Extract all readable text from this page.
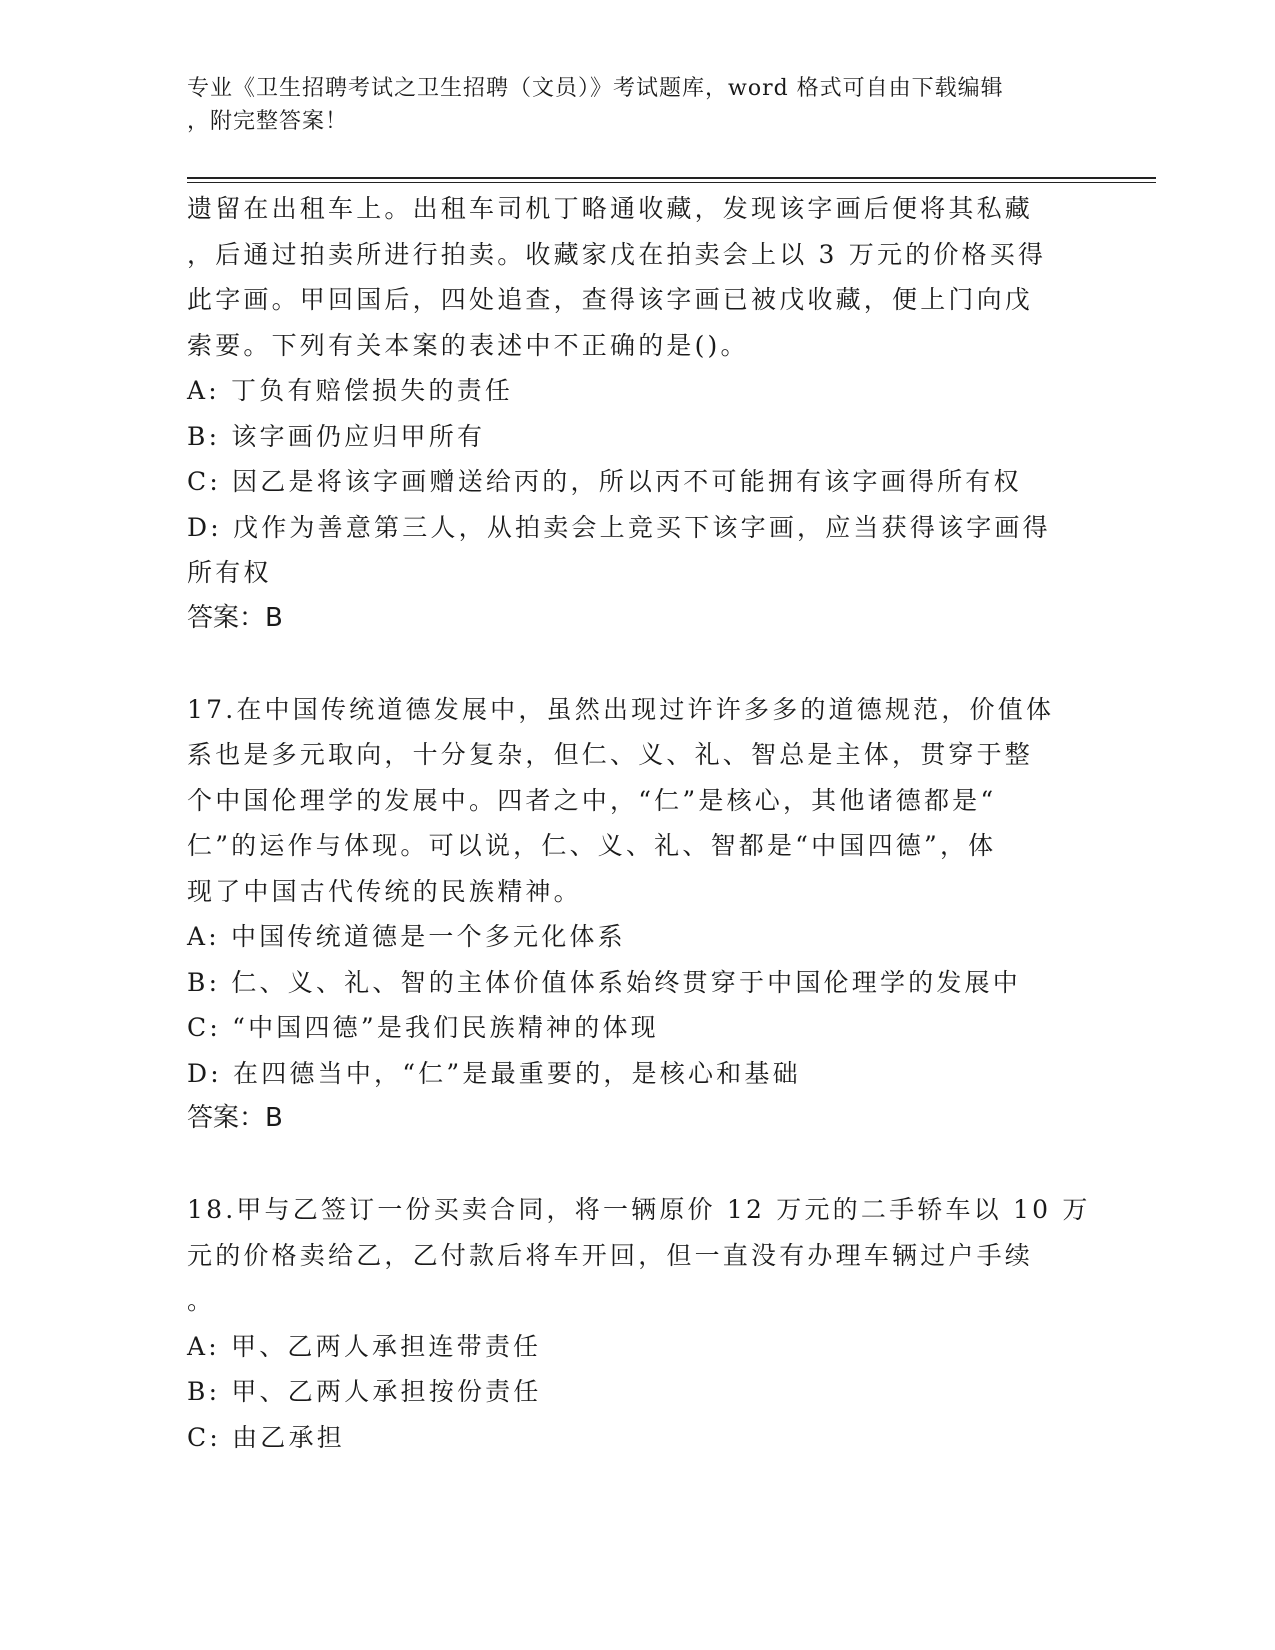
专业《卫生招聘考试之卫生招聘（文员）》考试题库，word 格式可自由下载编辑
，附完整答案！
遗留在出租车上。出租车司机丁略通收藏，发现该字画后便将其私藏
，后通过拍卖所进行拍卖。收藏家戊在拍卖会上以 3 万元的价格买得
此字画。甲回国后，四处追查，查得该字画已被戊收藏，便上门向戊
索要。下列有关本案的表述中不正确的是()。
A: 丁负有赔偿损失的责任
B: 该字画仍应归甲所有
C: 因乙是将该字画赠送给丙的，所以丙不可能拥有该字画得所有权
D: 戊作为善意第三人，从拍卖会上竞买下该字画，应当获得该字画得
所有权
答案：B
17.在中国传统道德发展中，虽然出现过许许多多的道德规范，价值体
系也是多元取向，十分复杂，但仁、义、礼、智总是主体，贯穿于整
个中国伦理学的发展中。四者之中，“仁”是核心，其他诸德都是“
仁”的运作与体现。可以说，仁、义、礼、智都是“中国四德”，体
现了中国古代传统的民族精神。
A: 中国传统道德是一个多元化体系
B: 仁、义、礼、智的主体价值体系始终贯穿于中国伦理学的发展中
C: “中国四德”是我们民族精神的体现
D: 在四德当中，“仁”是最重要的，是核心和基础
答案：B
18.甲与乙签订一份买卖合同，将一辆原价 12 万元的二手轿车以 10 万
元的价格卖给乙，乙付款后将车开回，但一直没有办理车辆过户手续
。
A: 甲、乙两人承担连带责任
B: 甲、乙两人承担按份责任
C: 由乙承担
